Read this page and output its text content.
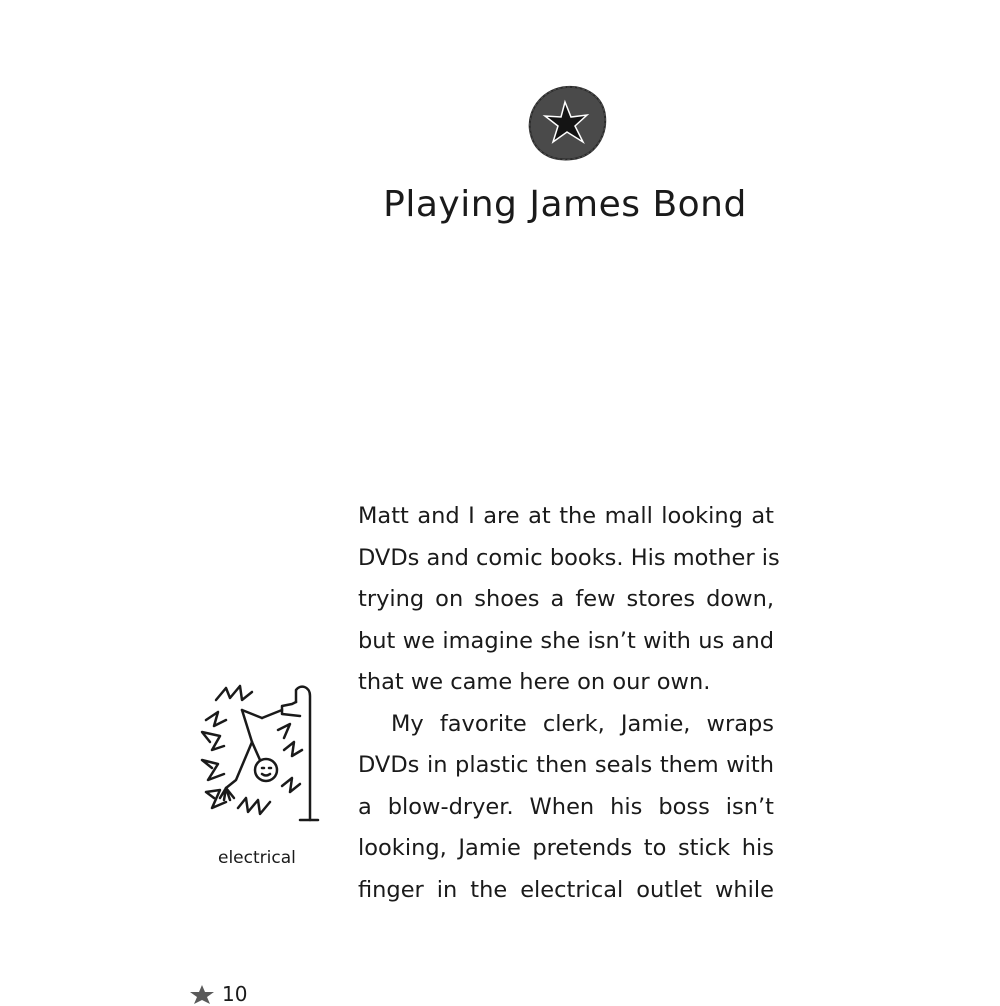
Playing James Bond
Matt and I are at the mall looking at
DVDs and comic books. His mother is
trying on shoes a few stores down,
but we imagine she isn’t with us and
that we came here on our own.
My favorite clerk, Jamie, wraps
DVDs in plastic then seals them with
a blow-dryer. When his boss isn’t
looking, Jamie pretends to stick his
finger in the electrical outlet while
electrical
10
